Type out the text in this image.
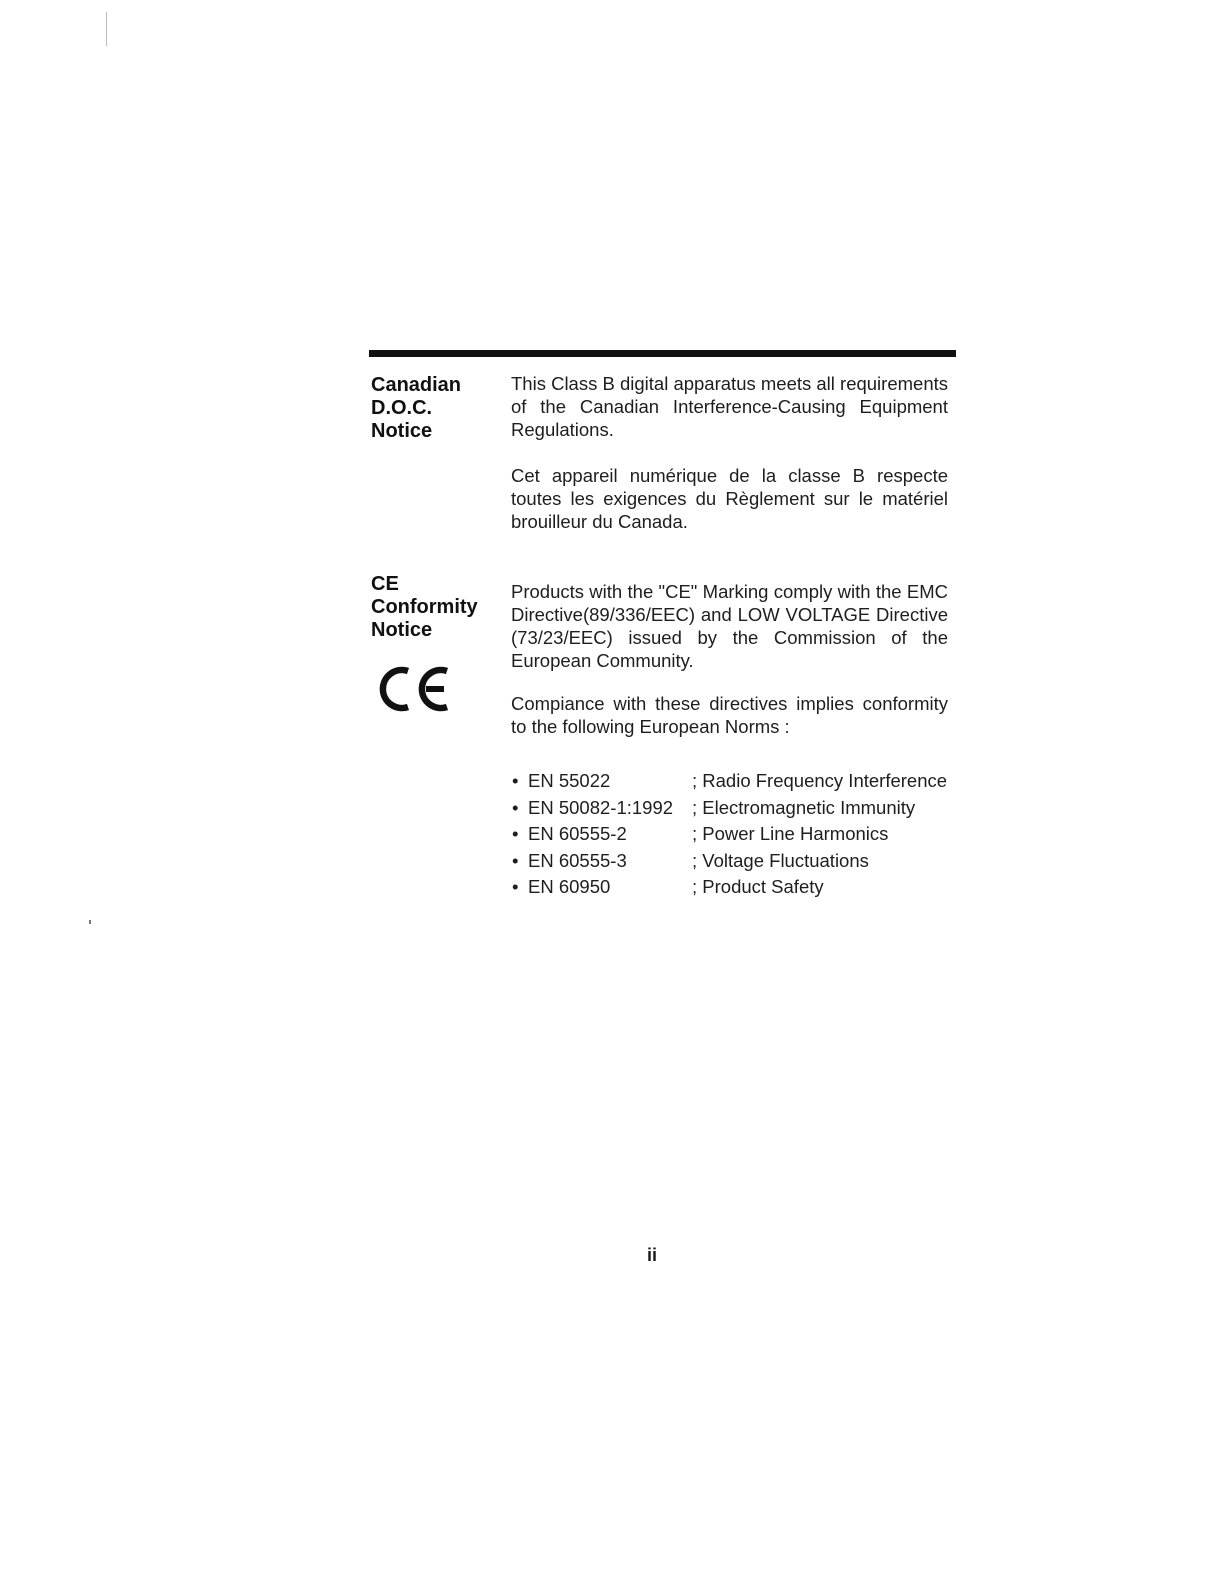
Canadian
D.O.C.
Notice
This Class B digital apparatus meets all requirements of the Canadian Interference-Causing Equipment Regulations.
Cet appareil numérique de la classe B respecte toutes les exigences du Règlement sur le matériel brouilleur du Canada.
CE
Conformity
Notice
Products with the "CE" Marking comply with the EMC Directive(89/336/EEC) and LOW VOLTAGE Directive (73/23/EEC) issued by the Commission of the European Community.
Compiance with these directives implies conformity to the following European Norms :
• EN 55022	; Radio Frequency Interference
• EN 50082-1:1992	; Electromagnetic Immunity
• EN 60555-2	; Power Line Harmonics
• EN 60555-3	; Voltage Fluctuations
• EN 60950	; Product Safety
ii
